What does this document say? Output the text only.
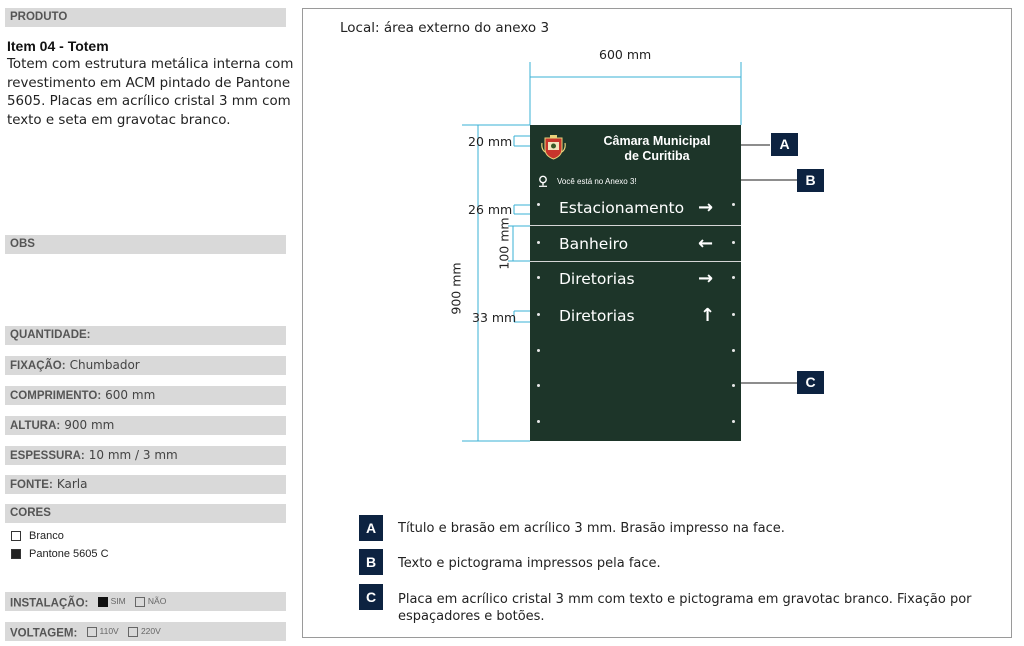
PRODUTO
Item 04 - Totem
Totem com estrutura metálica interna com revestimento em ACM pintado de Pantone 5605. Placas em acrílico cristal 3 mm com texto e seta em gravotac branco.
OBS
QUANTIDADE:
FIXAÇÃO: Chumbador
COMPRIMENTO: 600 mm
ALTURA: 900 mm
ESPESSURA: 10 mm / 3 mm
FONTE: Karla
CORES
Branco
Pantone 5605 C
INSTALAÇÃO:	SIM
	NÃO
VOLTAGEM:	110V
	220V
Local: área externo do anexo 3
600 mm
900 mm
20 mm
26 mm
100 mm
33 mm
Câmara Municipal
de Curitiba
Você está no Anexo 3!
Estacionamento →
Banheiro	←
Diretorias	→
Diretorias	↑
A
B
C
A	Título e brasão em acrílico 3 mm. Brasão impresso na face.
B	Texto e pictograma impressos pela face.
C	Placa em acrílico cristal 3 mm com texto e pictograma em gravotac branco. Fixação por espaçadores e botões.
